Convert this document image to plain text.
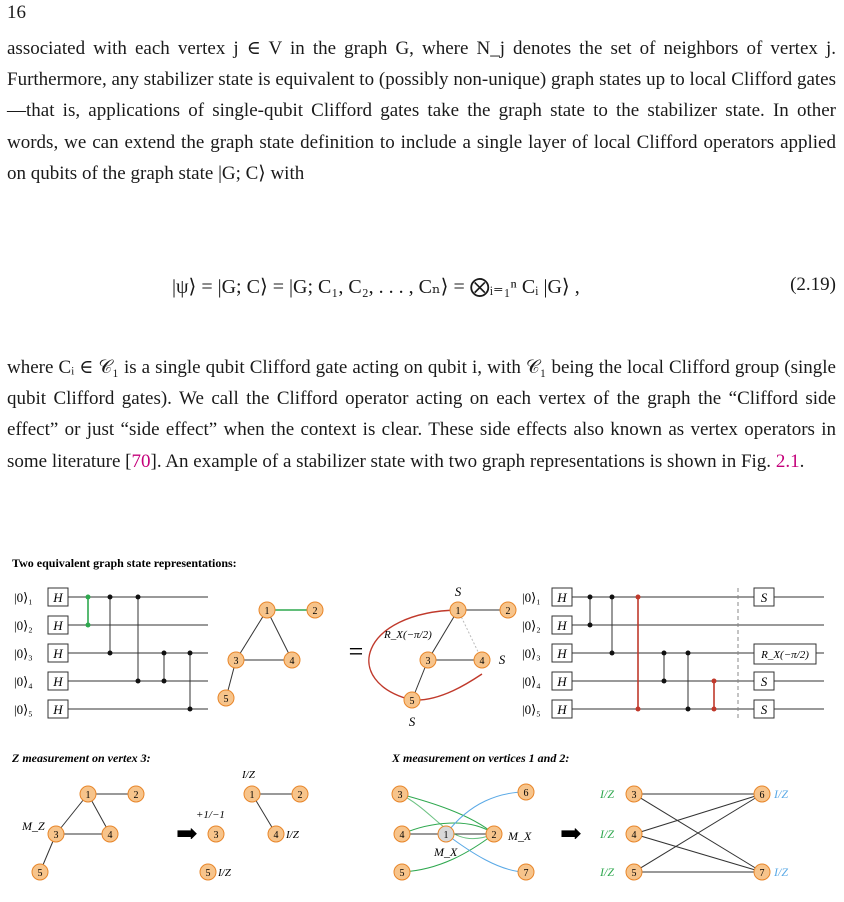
16

associated with each vertex j ∈ V in the graph G, where N_j denotes the set of neighbors of vertex j. Furthermore, any stabilizer state is equivalent to (possibly non-unique) graph states up to local Clifford gates—that is, applications of single-qubit Clifford gates take the graph state to the stabilizer state. In other words, we can extend the graph state definition to include a single layer of local Clifford operators applied on qubits of the graph state |G; C⟩ with

|ψ⟩ = |G; C⟩ = |G; C₁, C₂, . . . , Cₙ⟩ = ⨂ᵢ₌₁ⁿ Cᵢ |G⟩ ,	(2.19)

where Cᵢ ∈ 𝒞₁ is a single qubit Clifford gate acting on qubit i, with 𝒞₁ being the local Clifford group (single qubit Clifford gates). We call the Clifford operator acting on each vertex of the graph the “Clifford side effect” or just “side effect” when the context is clear. These side effects also known as vertex operators in some literature [70]. An example of a stabilizer state with two graph representations is shown in Fig. 2.1.

Two equivalent graph state representations:
Z measurement on vertex 3:	X measurement on vertices 1 and 2:
|0⟩₁
|0⟩₂
|0⟩₃
|0⟩₄
|0⟩₅
H
H
H
H
H
1	2
3	4
5
=
1	2
3	4
5
S
S
S
R_X(−π/2)
|0⟩₁
|0⟩₂
|0⟩₃
|0⟩₄
|0⟩₅
H
H
H
H
H
S
S
S
R_X(−π/2)
1	2
3	4
5
M_Z	➡
1	2
3	4
5
I/Z
+1/−1
I/Z
I/Z
1	2
3
4
5
6
7
M_X
M_X ➡
3
4
5
6
7
I/Z
I/Z
I/Z
I/Z
I/Z
